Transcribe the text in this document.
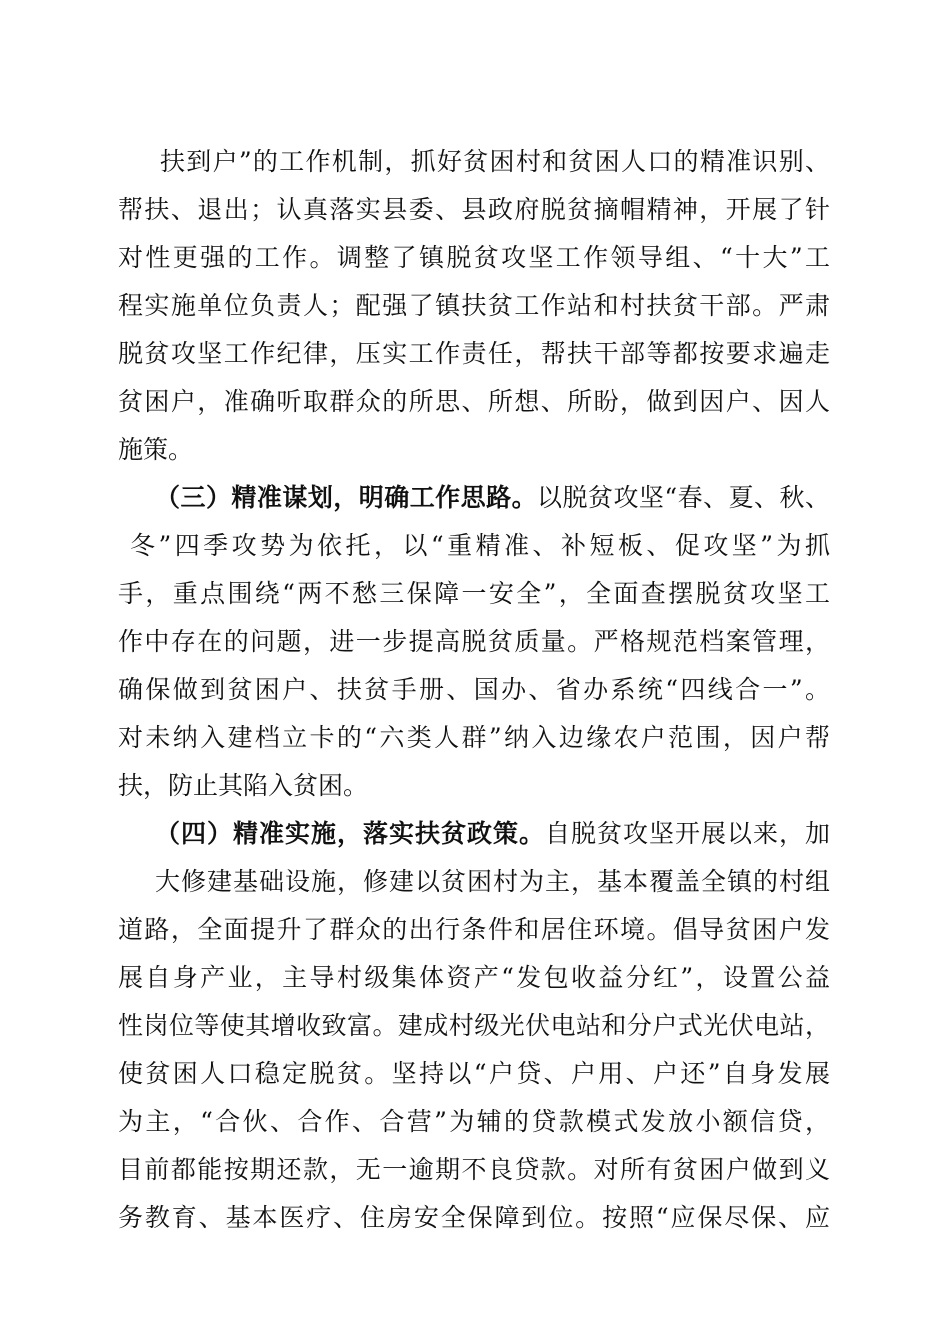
扶到户”的工作机制，抓好贫困村和贫困人口的精准识别、
帮扶、退出；认真落实县委、县政府脱贫摘帽精神，开展了针
对性更强的工作。调整了镇脱贫攻坚工作领导组、“十大”工
程实施单位负责人；配强了镇扶贫工作站和村扶贫干部。严肃
脱贫攻坚工作纪律，压实工作责任，帮扶干部等都按要求遍走
贫困户，准确听取群众的所思、所想、所盼，做到因户、因人
施策。
（三）精准谋划，明确工作思路。以脱贫攻坚“春、夏、秋、
冬”四季攻势为依托，以“重精准、补短板、促攻坚”为抓
手，重点围绕“两不愁三保障一安全”，全面查摆脱贫攻坚工
作中存在的问题，进一步提高脱贫质量。严格规范档案管理，
确保做到贫困户、扶贫手册、国办、省办系统“四线合一”。
对未纳入建档立卡的“六类人群”纳入边缘农户范围，因户帮
扶，防止其陷入贫困。
（四）精准实施，落实扶贫政策。自脱贫攻坚开展以来，加
大修建基础设施，修建以贫困村为主，基本覆盖全镇的村组
道路，全面提升了群众的出行条件和居住环境。倡导贫困户发
展自身产业，主导村级集体资产“发包收益分红”，设置公益
性岗位等使其增收致富。建成村级光伏电站和分户式光伏电站，
使贫困人口稳定脱贫。坚持以“户贷、户用、户还”自身发展
为主，“合伙、合作、合营”为辅的贷款模式发放小额信贷，
目前都能按期还款，无一逾期不良贷款。对所有贫困户做到义
务教育、基本医疗、住房安全保障到位。按照“应保尽保、应
